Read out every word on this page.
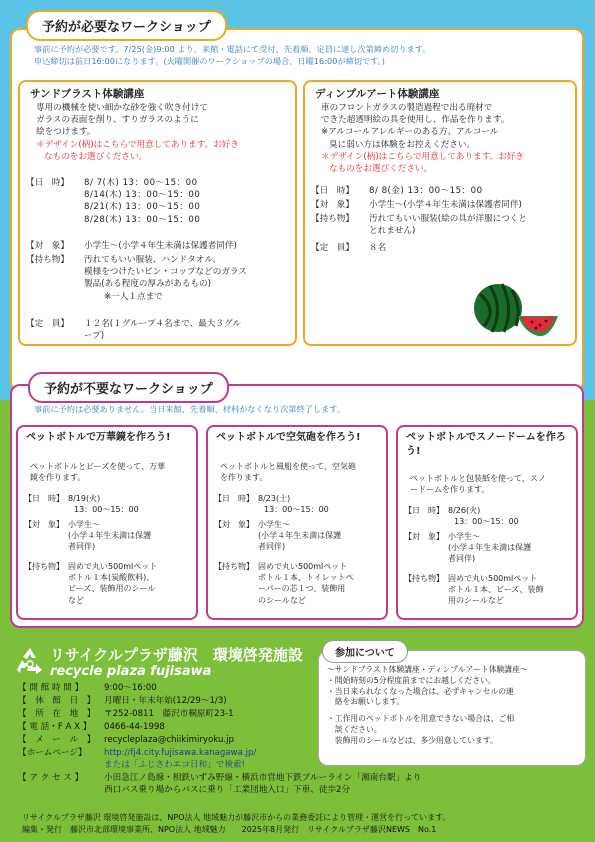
予約が必要なワークショップ
事前に予約が必要です。7/25(金)9:00 より、来館・電話にて受付、先着順、定員に達し次第締め切ります。
申込締切は前日16:00になります。(火曜開催のワークショップの場合、日曜16:00が締切です。)
サンドブラスト体験講座
専用の機械を使い細かな砂を強く吹き付けて
ガラスの表面を削り、すりガラスのように
絵をつけます。
＊デザイン(柄)はこちらで用意してあります。お好き
なものをお選びください。
【日　時】	8/ 7(木) 13：00～15：00
8/14(木) 13：00～15：00
8/21(木) 13：00～15：00
8/28(木) 13：00～15：00
【対　象】	小学生～(小学４年生未満は保護者同伴)
【持ち物】	汚れてもいい服装、ハンドタオル、
模様をつけたいビン・コップなどのガラス
製品(ある程度の厚みがあるもの)
※一人１点まで
【定　員】	１２名(１グループ４名まで、最大３グル
ープ)
ディンプルアート体験講座
車のフロントガラスの製造過程で出る廃材で
できた超透明絵の具を使用し、作品を作ります。
※アルコールアレルギーのある方、アルコール
臭に弱い方は体験をお控えください。
＊デザイン(柄)はこちらで用意してあります。お好き
なものをお選びください。
【日　時】	8/ 8(金) 13：00～15：00
【対　象】	小学生～(小学４年生未満は保護者同伴)
【持ち物】	汚れてもいい服装(絵の具が洋服につくと
とれません)
【定　員】	８名
予約が不要なワークショップ
事前に予約は必要ありません。当日来館、先着順、材料がなくなり次第終了します。
ペットボトルで万華鏡を作ろう!
ペットボトルとビーズを使って、万華
鏡を作ります。
【日　時】 8/19(火)
13：00～15：00
【対　象】 小学生～
(小学４年生未満は保護
者同伴)
【持ち物】 固めで丸い500mlペット
ボトル１本(炭酸飲料)、
ビーズ、装飾用のシール
など
ペットボトルで空気砲を作ろう!
ペットボトルと風船を使って、空気砲
を作ります。
【日　時】 8/23(土)
13：00～15：00
【対　象】 小学生～
(小学４年生未満は保護
者同伴)
【持ち物】 固めで丸い500mlペット
ボトル１本、トイレットペ
ーパーの芯１つ、装飾用
のシールなど
ペットボトルでスノードームを作ろう!
ペットボトルと包装紙を使って、スノ
ードームを作ります。
【日　時】 8/26(火)
13：00～15：00
【対　象】 小学生～
(小学４年生未満は保護
者同伴)
【持ち物】 固めで丸い500mlペット
ボトル１本、ビーズ、装飾
用のシールなど
リサイクルプラザ藤沢　環境啓発施設
recycle plaza fujisawa
【 開 館 時 間 】 9:00～16:00
【　休　館　日　】 月曜日・年末年始(12/29～1/3)
【　所　在　地　】 〒252-0811　藤沢市桐原町23-1
【 電 話・F A X 】 0466-44-1998
【　メ　ー　ル　】 recycleplaza@chiikimiryoku.jp
【ホームページ】 http://fj4.city.fujisawa.kanagawa.jp/
または「ふじさわエコ日和」で検索!
【 ア ク セ ス 】 小田急江ノ島線・相鉄いずみ野線・横浜市営地下鉄ブルーライン「湘南台駅」より
西口バス乗り場からバスに乗り「工業団地入口」下車、徒歩2分
～サンドブラスト体験講座・ディンプルアート体験講座～
・開始時刻の5分程度前までにお越しください。
・当日来られなくなった場合は、必ずキャンセルの連
　絡をお願いします。
・工作用のペットボトルを用意できない場合は、ご相
　談ください。
　装飾用のシールなどは、多少用意しています。
参加について
リサイクルプラザ藤沢 環境啓発施設は、NPO法人 地域魅力が藤沢市からの業務委託により管理・運営を行っています。
編集・発行　藤沢市北部環境事業所、NPO法人 地域魅力　　2025年8月発行　リサイクルプラザ藤沢NEWS　No.1
